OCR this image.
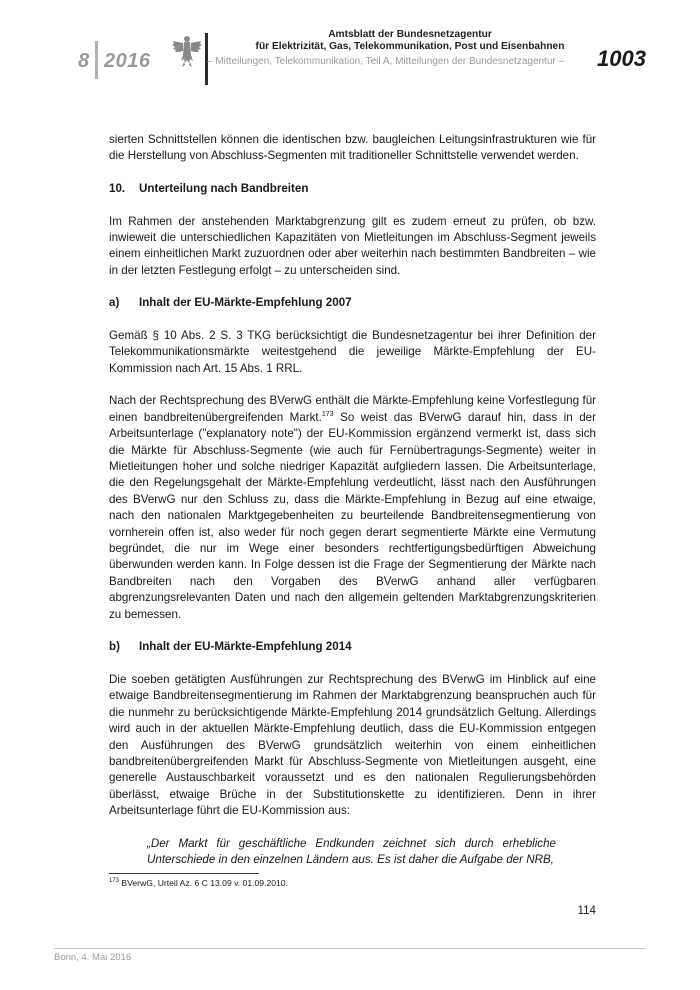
8 2016
Amtsblatt der Bundesnetzagentur
für Elektrizität, Gas, Telekommunikation, Post und Eisenbahnen
– Mitteilungen, Telekommunikation, Teil A, Mitteilungen der Bundesnetzagentur – 1003

sierten Schnittstellen können die identischen bzw. baugleichen Leitungsinfrastrukturen wie für die Herstellung von Abschluss-Segmenten mit traditioneller Schnittstelle verwendet werden.

10.	Unterteilung nach Bandbreiten

Im Rahmen der anstehenden Marktabgrenzung gilt es zudem erneut zu prüfen, ob bzw. inwieweit die unterschiedlichen Kapazitäten von Mietleitungen im Abschluss-Segment jeweils einem einheitlichen Markt zuzuordnen oder aber weiterhin nach bestimmten Bandbreiten – wie in der letzten Festlegung erfolgt – zu unterscheiden sind.

a)	Inhalt der EU-Märkte-Empfehlung 2007

Gemäß § 10 Abs. 2 S. 3 TKG berücksichtigt die Bundesnetzagentur bei ihrer Definition der Telekommunikationsmärkte weitestgehend die jeweilige Märkte-Empfehlung der EU-Kommission nach Art. 15 Abs. 1 RRL.

Nach der Rechtsprechung des BVerwG enthält die Märkte-Empfehlung keine Vorfestlegung für einen bandbreitenübergreifenden Markt.$^{173}$ So weist das BVerwG darauf hin, dass in der Arbeitsunterlage ("explanatory note") der EU-Kommission ergänzend vermerkt ist, dass sich die Märkte für Abschluss-Segmente (wie auch für Fernübertragungs-Segmente) weiter in Mietleitungen hoher und solche niedriger Kapazität aufgliedern lassen. Die Arbeitsunterlage, die den Regelungsgehalt der Märkte-Empfehlung verdeutlicht, lässt nach den Ausführungen des BVerwG nur den Schluss zu, dass die Märkte-Empfehlung in Bezug auf eine etwaige, nach den nationalen Marktgegebenheiten zu beurteilende Bandbreitensegmentierung von vornherein offen ist, also weder für noch gegen derart segmentierte Märkte eine Vermutung begründet, die nur im Wege einer besonders rechtfertigungsbedürftigen Abweichung überwunden werden kann. In Folge dessen ist die Frage der Segmentierung der Märkte nach Bandbreiten nach den Vorgaben des BVerwG anhand aller verfügbaren abgrenzungsrelevanten Daten und nach den allgemein geltenden Marktabgrenzungskriterien zu bemessen.

b)	Inhalt der EU-Märkte-Empfehlung 2014

Die soeben getätigten Ausführungen zur Rechtsprechung des BVerwG im Hinblick auf eine etwaige Bandbreitensegmentierung im Rahmen der Marktabgrenzung beanspruchen auch für die nunmehr zu berücksichtigende Märkte-Empfehlung 2014 grundsätzlich Geltung. Allerdings wird auch in der aktuellen Märkte-Empfehlung deutlich, dass die EU-Kommission entgegen den Ausführungen des BVerwG grundsätzlich weiterhin von einem einheitlichen bandbreitenübergreifenden Markt für Abschluss-Segmente von Mietleitungen ausgeht, eine generelle Austauschbarkeit voraussetzt und es den nationalen Regulierungsbehörden überlässt, etwaige Brüche in der Substitutionskette zu identifizieren. Denn in ihrer Arbeitsunterlage führt die EU-Kommission aus:

„Der Markt für geschäftliche Endkunden zeichnet sich durch erhebliche Unterschiede in den einzelnen Ländern aus. Es ist daher die Aufgabe der NRB,

$^{173}$ BVerwG, Urteil Az. 6 C 13.09 v. 01.09.2010.
114
Bonn, 4. Mai 2016
